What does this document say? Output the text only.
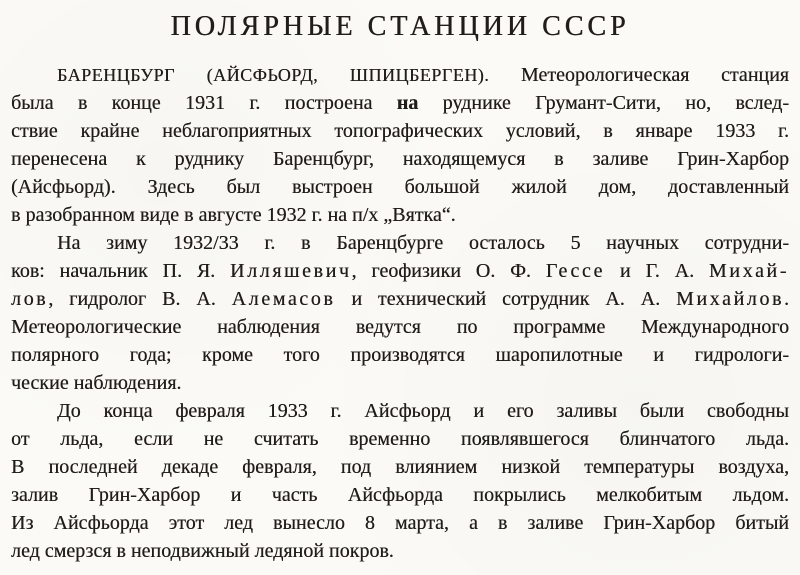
ПОЛЯРНЫЕ СТАНЦИИ СССР
БАРЕНЦБУРГ (АЙСФЬОРД, ШПИЦБЕРГЕН). Метеорологическая станция
была в конце 1931 г. построена на руднике Грумант-Сити, но, вслед-
ствие крайне неблагоприятных топографических условий, в январе 1933 г.
перенесена к руднику Баренцбург, находящемуся в заливе Грин-Харбор
(Айсфьорд). Здесь был выстроен большой жилой дом, доставленный
в разобранном виде в августе 1932 г. на п/х „Вятка“.
На зиму 1932/33 г. в Баренцбурге осталось 5 научных сотрудни-
ков: начальник П. Я. Илляшевич, геофизики О. Ф. Гессе и Г. А. Михай-
лов, гидролог В. А. Алемасов и технический сотрудник А. А. Михайлов.
Метеорологические наблюдения ведутся по программе Международного
полярного года; кроме того производятся шаропилотные и гидрологи-
ческие наблюдения.
До конца февраля 1933 г. Айсфьорд и его заливы были свободны
от льда, если не считать временно появлявшегося блинчатого льда.
В последней декаде февраля, под влиянием низкой температуры воздуха,
залив Грин-Харбор и часть Айсфьорда покрылись мелкобитым льдом.
Из Айсфьорда этот лед вынесло 8 марта, а в заливе Грин-Харбор битый
лед смерзся в неподвижный ледяной покров.
